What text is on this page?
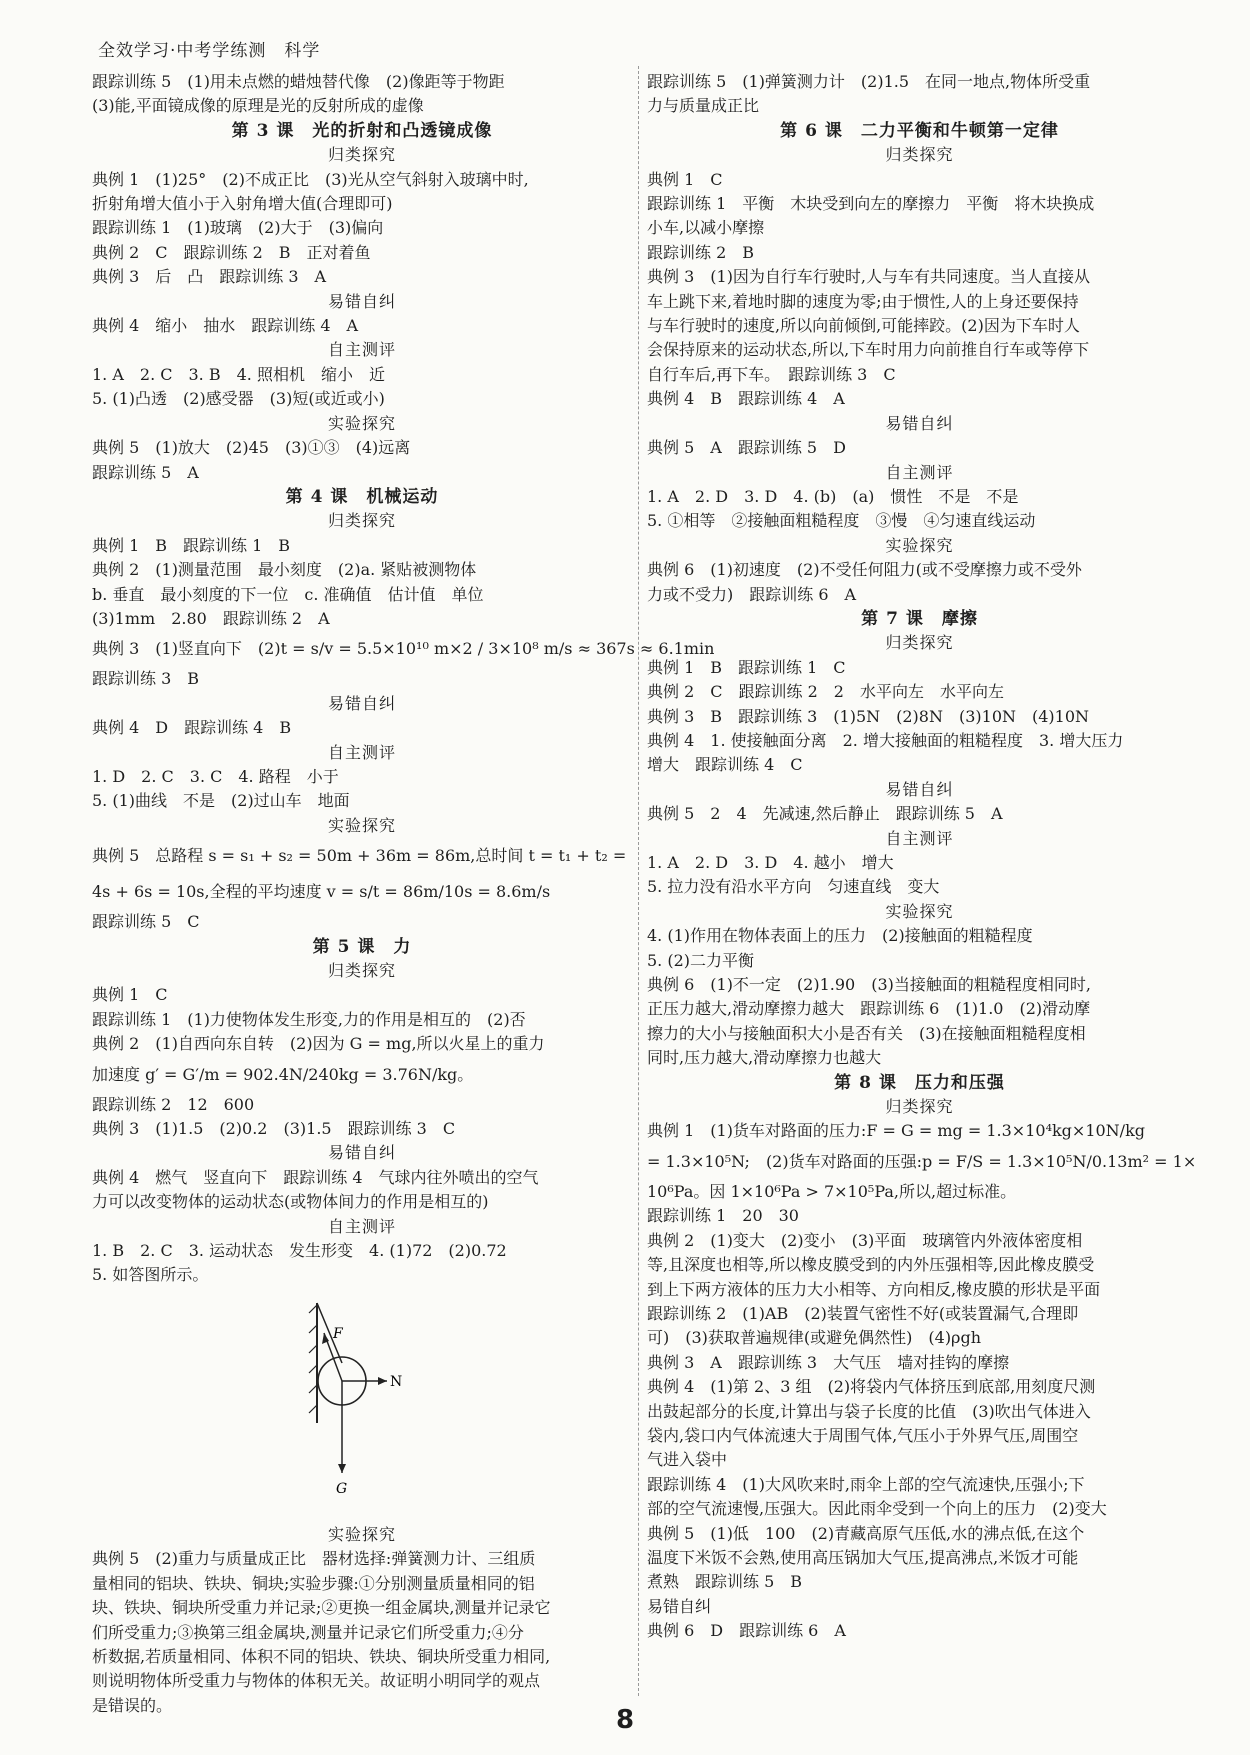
全效学习·中考学练测　科学
跟踪训练 5　(1)用未点燃的蜡烛替代像　(2)像距等于物距
(3)能,平面镜成像的原理是光的反射所成的虚像
第 3 课　光的折射和凸透镜成像
归类探究
典例 1　(1)25°　(2)不成正比　(3)光从空气斜射入玻璃中时,
折射角增大值小于入射角增大值(合理即可)
跟踪训练 1　(1)玻璃　(2)大于　(3)偏向
典例 2　C　跟踪训练 2　B　正对着鱼
典例 3　后　凸　跟踪训练 3　A
易错自纠
典例 4　缩小　抽水　跟踪训练 4　A
自主测评
1. A　2. C　3. B　4. 照相机　缩小　近
5. (1)凸透　(2)感受器　(3)短(或近或小)
实验探究
典例 5　(1)放大　(2)45　(3)①③　(4)远离
跟踪训练 5　A
第 4 课　机械运动
归类探究
典例 1　B　跟踪训练 1　B
典例 2　(1)测量范围　最小刻度　(2)a. 紧贴被测物体
b. 垂直　最小刻度的下一位　c. 准确值　估计值　单位
(3)1mm　2.80　跟踪训练 2　A
典例 3　(1)竖直向下　(2)t = s/v = 5.5×10¹⁰ m×2 / 3×10⁸ m/s ≈ 367s ≈ 6.1min
跟踪训练 3　B
易错自纠
典例 4　D　跟踪训练 4　B
自主测评
1. D　2. C　3. C　4. 路程　小于
5. (1)曲线　不是　(2)过山车　地面
实验探究
典例 5　总路程 s = s₁ + s₂ = 50m + 36m = 86m,总时间 t = t₁ + t₂ =
4s + 6s = 10s,全程的平均速度 v = s/t = 86m/10s = 8.6m/s
跟踪训练 5　C
第 5 课　力
归类探究
典例 1　C
跟踪训练 1　(1)力使物体发生形变,力的作用是相互的　(2)否
典例 2　(1)自西向东自转　(2)因为 G = mg,所以火星上的重力
加速度 g′ = G′/m = 902.4N/240kg = 3.76N/kg。
跟踪训练 2　12　600
典例 3　(1)1.5　(2)0.2　(3)1.5　跟踪训练 3　C
易错自纠
典例 4　燃气　竖直向下　跟踪训练 4　气球内往外喷出的空气
力可以改变物体的运动状态(或物体间力的作用是相互的)
自主测评
1. B　2. C　3. 运动状态　发生形变　4. (1)72　(2)0.72
5. 如答图所示。
F
N
G
实验探究
典例 5　(2)重力与质量成正比　器材选择:弹簧测力计、三组质
量相同的铝块、铁块、铜块;实验步骤:①分别测量质量相同的铝
块、铁块、铜块所受重力并记录;②更换一组金属块,测量并记录它
们所受重力;③换第三组金属块,测量并记录它们所受重力;④分
析数据,若质量相同、体积不同的铝块、铁块、铜块所受重力相同,
则说明物体所受重力与物体的体积无关。故证明小明同学的观点
是错误的。
跟踪训练 5　(1)弹簧测力计　(2)1.5　在同一地点,物体所受重
力与质量成正比
第 6 课　二力平衡和牛顿第一定律
归类探究
典例 1　C
跟踪训练 1　平衡　木块受到向左的摩擦力　平衡　将木块换成
小车,以减小摩擦
跟踪训练 2　B
典例 3　(1)因为自行车行驶时,人与车有共同速度。当人直接从
车上跳下来,着地时脚的速度为零;由于惯性,人的上身还要保持
与车行驶时的速度,所以向前倾倒,可能摔跤。(2)因为下车时人
会保持原来的运动状态,所以,下车时用力向前推自行车或等停下
自行车后,再下车。　跟踪训练 3　C
典例 4　B　跟踪训练 4　A
易错自纠
典例 5　A　跟踪训练 5　D
自主测评
1. A　2. D　3. D　4. (b)　(a)　惯性　不是　不是
5. ①相等　②接触面粗糙程度　③慢　④匀速直线运动
实验探究
典例 6　(1)初速度　(2)不受任何阻力(或不受摩擦力或不受外
力或不受力)　跟踪训练 6　A
第 7 课　摩擦
归类探究
典例 1　B　跟踪训练 1　C
典例 2　C　跟踪训练 2　2　水平向左　水平向左
典例 3　B　跟踪训练 3　(1)5N　(2)8N　(3)10N　(4)10N
典例 4　1. 使接触面分离　2. 增大接触面的粗糙程度　3. 增大压力
增大　跟踪训练 4　C
易错自纠
典例 5　2　4　先减速,然后静止　跟踪训练 5　A
自主测评
1. A　2. D　3. D　4. 越小　增大
5. 拉力没有沿水平方向　匀速直线　变大
实验探究
4. (1)作用在物体表面上的压力　(2)接触面的粗糙程度
5. (2)二力平衡
典例 6　(1)不一定　(2)1.90　(3)当接触面的粗糙程度相同时,
正压力越大,滑动摩擦力越大　跟踪训练 6　(1)1.0　(2)滑动摩
擦力的大小与接触面积大小是否有关　(3)在接触面粗糙程度相
同时,压力越大,滑动摩擦力也越大
第 8 课　压力和压强
归类探究
典例 1　(1)货车对路面的压力:F = G = mg = 1.3×10⁴kg×10N/kg
= 1.3×10⁵N;　(2)货车对路面的压强:p = F/S = 1.3×10⁵N/0.13m² = 1×
10⁶Pa。因 1×10⁶Pa > 7×10⁵Pa,所以,超过标准。
跟踪训练 1　20　30
典例 2　(1)变大　(2)变小　(3)平面　玻璃管内外液体密度相
等,且深度也相等,所以橡皮膜受到的内外压强相等,因此橡皮膜受
到上下两方液体的压力大小相等、方向相反,橡皮膜的形状是平面
跟踪训练 2　(1)AB　(2)装置气密性不好(或装置漏气,合理即
可)　(3)获取普遍规律(或避免偶然性)　(4)ρgh
典例 3　A　跟踪训练 3　大气压　墙对挂钩的摩擦
典例 4　(1)第 2、3 组　(2)将袋内气体挤压到底部,用刻度尺测
出鼓起部分的长度,计算出与袋子长度的比值　(3)吹出气体进入
袋内,袋口内气体流速大于周围气体,气压小于外界气压,周围空
气进入袋中
跟踪训练 4　(1)大风吹来时,雨伞上部的空气流速快,压强小;下
部的空气流速慢,压强大。因此雨伞受到一个向上的压力　(2)变大
典例 5　(1)低　100　(2)青藏高原气压低,水的沸点低,在这个
温度下米饭不会熟,使用高压锅加大气压,提高沸点,米饭才可能
煮熟　跟踪训练 5　B
易错自纠
典例 6　D　跟踪训练 6　A
8
